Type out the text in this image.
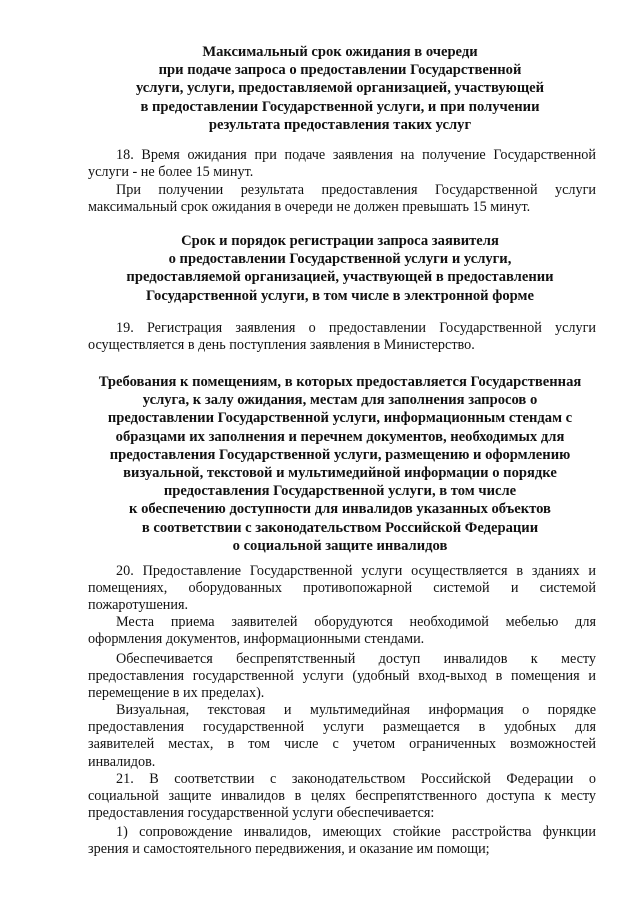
Максимальный срок ожидания в очереди
при подаче запроса о предоставлении Государственной
услуги, услуги, предоставляемой организацией, участвующей
в предоставлении Государственной услуги, и при получении
результата предоставления таких услуг
18. Время ожидания при подаче заявления на получение Государственной
услуги - не более 15 минут.
При получении результата предоставления Государственной услуги
максимальный срок ожидания в очереди не должен превышать 15 минут.
Срок и порядок регистрации запроса заявителя
о предоставлении Государственной услуги и услуги,
предоставляемой организацией, участвующей в предоставлении
Государственной услуги, в том числе в электронной форме
19. Регистрация заявления о предоставлении Государственной услуги
осуществляется в день поступления заявления в Министерство.
Требования к помещениям, в которых предоставляется Государственная
услуга, к залу ожидания, местам для заполнения запросов о
предоставлении Государственной услуги, информационным стендам с
образцами их заполнения и перечнем документов, необходимых для
предоставления Государственной услуги, размещению и оформлению
визуальной, текстовой и мультимедийной информации о порядке
предоставления Государственной услуги, в том числе
к обеспечению доступности для инвалидов указанных объектов
в соответствии с законодательством Российской Федерации
о социальной защите инвалидов
20. Предоставление Государственной услуги осуществляется в зданиях и
помещениях, оборудованных противопожарной системой и системой
пожаротушения.
Места приема заявителей оборудуются необходимой мебелью для
оформления документов, информационными стендами.
Обеспечивается беспрепятственный доступ инвалидов к месту
предоставления государственной услуги (удобный вход-выход в помещения и
перемещение в их пределах).
Визуальная, текстовая и мультимедийная информация о порядке
предоставления государственной услуги размещается в удобных для
заявителей местах, в том числе с учетом ограниченных возможностей
инвалидов.
21. В соответствии с законодательством Российской Федерации о
социальной защите инвалидов в целях беспрепятственного доступа к месту
предоставления государственной услуги обеспечивается:
1) сопровождение инвалидов, имеющих стойкие расстройства функции
зрения и самостоятельного передвижения, и оказание им помощи;
